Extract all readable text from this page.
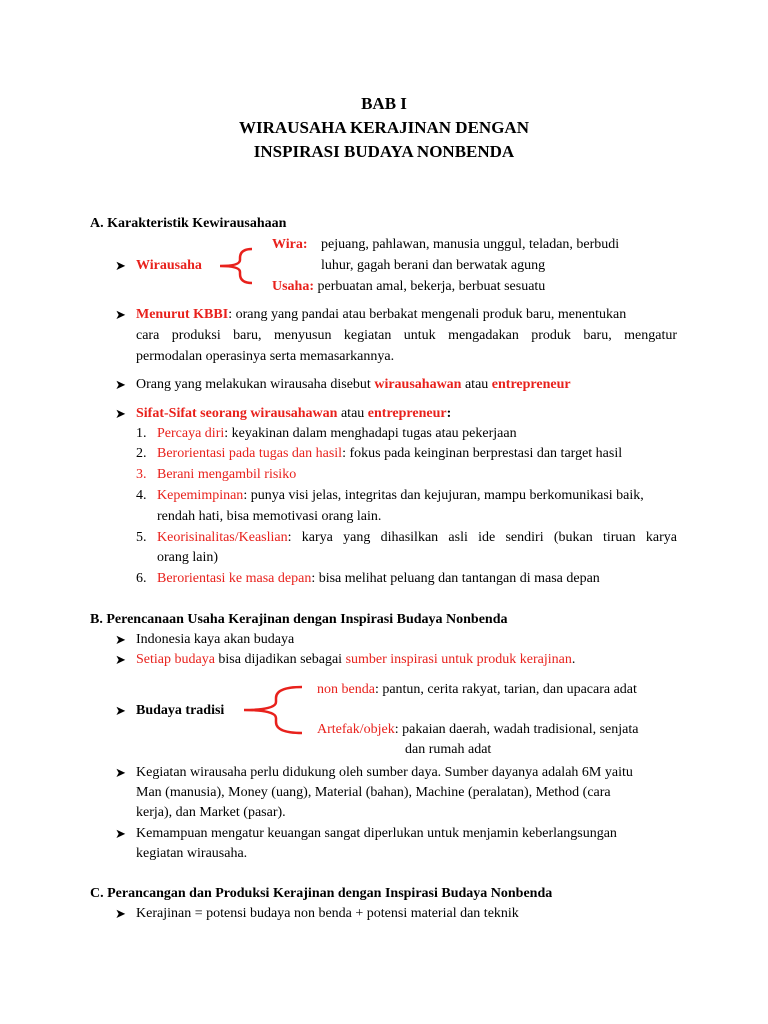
BAB I
WIRAUSAHA KERAJINAN DENGAN
INSPIRASI BUDAYA NONBENDA
A. Karakteristik Kewirausahaan
Wira: pejuang, pahlawan, manusia unggul, teladan, berbudi
➤ Wirausaha	luhur, gagah berani dan berwatak agung
Usaha: perbuatan amal, bekerja, berbuat sesuatu
➤ Menurut KBBI: orang yang pandai atau berbakat mengenali produk baru, menentukan
cara produksi baru, menyusun kegiatan untuk mengadakan produk baru, mengatur
permodalan operasinya serta memasarkannya.
➤ Orang yang melakukan wirausaha disebut wirausahawan atau entrepreneur
➤ Sifat-Sifat seorang wirausahawan atau entrepreneur:
1. Percaya diri: keyakinan dalam menghadapi tugas atau pekerjaan
2. Berorientasi pada tugas dan hasil: fokus pada keinginan berprestasi dan target hasil
3. Berani mengambil risiko
4. Kepemimpinan: punya visi jelas, integritas dan kejujuran, mampu berkomunikasi baik,
rendah hati, bisa memotivasi orang lain.
5. Keorisinalitas/Keaslian: karya yang dihasilkan asli ide sendiri (bukan tiruan karya
orang lain)
6. Berorientasi ke masa depan: bisa melihat peluang dan tantangan di masa depan
B. Perencanaan Usaha Kerajinan dengan Inspirasi Budaya Nonbenda
➤ Indonesia kaya akan budaya
➤ Setiap budaya bisa dijadikan sebagai sumber inspirasi untuk produk kerajinan.
non benda: pantun, cerita rakyat, tarian, dan upacara adat
➤ Budaya tradisi
Artefak/objek: pakaian daerah, wadah tradisional, senjata
dan rumah adat
➤ Kegiatan wirausaha perlu didukung oleh sumber daya. Sumber dayanya adalah 6M yaitu
Man (manusia), Money (uang), Material (bahan), Machine (peralatan), Method (cara
kerja), dan Market (pasar).
➤ Kemampuan mengatur keuangan sangat diperlukan untuk menjamin keberlangsungan
kegiatan wirausaha.
C. Perancangan dan Produksi Kerajinan dengan Inspirasi Budaya Nonbenda
➤ Kerajinan = potensi budaya non benda + potensi material dan teknik
